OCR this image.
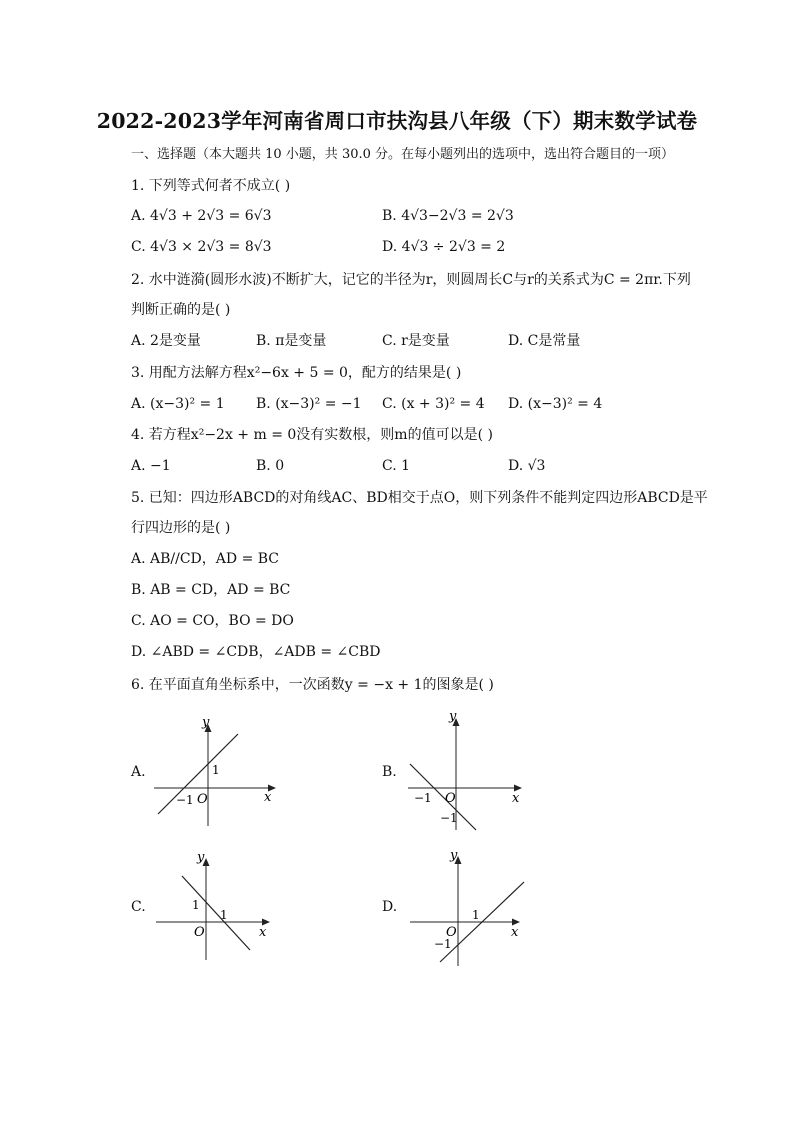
2022-2023学年河南省周口市扶沟县八年级（下）期末数学试卷
一、选择题（本大题共 10 小题，共 30.0 分。在每小题列出的选项中，选出符合题目的一项）
1. 下列等式何者不成立( )
A. 4√3 + 2√3 = 6√3	B. 4√3−2√3 = 2√3
C. 4√3 × 2√3 = 8√3	D. 4√3 ÷ 2√3 = 2
2. 水中涟漪(圆形水波)不断扩大，记它的半径为r，则圆周长C与r的关系式为C = 2πr.下列
判断正确的是( )
A. 2是变量	B. π是变量	C. r是变量	D. C是常量
3. 用配方法解方程x²−6x + 5 = 0，配方的结果是( )
A. (x−3)² = 1 B. (x−3)² = −1 C. (x + 3)² = 4 D. (x−3)² = 4
4. 若方程x²−2x + m = 0没有实数根，则m的值可以是( )
A. −1	B. 0	C. 1	D. √3
5. 已知：四边形ABCD的对角线AC、BD相交于点O，则下列条件不能判定四边形ABCD是平
行四边形的是( )
A. AB//CD，AD = BC
B. AB = CD，AD = BC
C. AO = CO，BO = DO
D. ∠ABD = ∠CDB，∠ADB = ∠CBD
6. 在平面直角坐标系中，一次函数y = −x + 1的图象是( )
A.	B.
C.	D.
y
x
O
1
−1
y
x
O
−1
−1
y
x
O
1
1
y
x
O
1
−1
